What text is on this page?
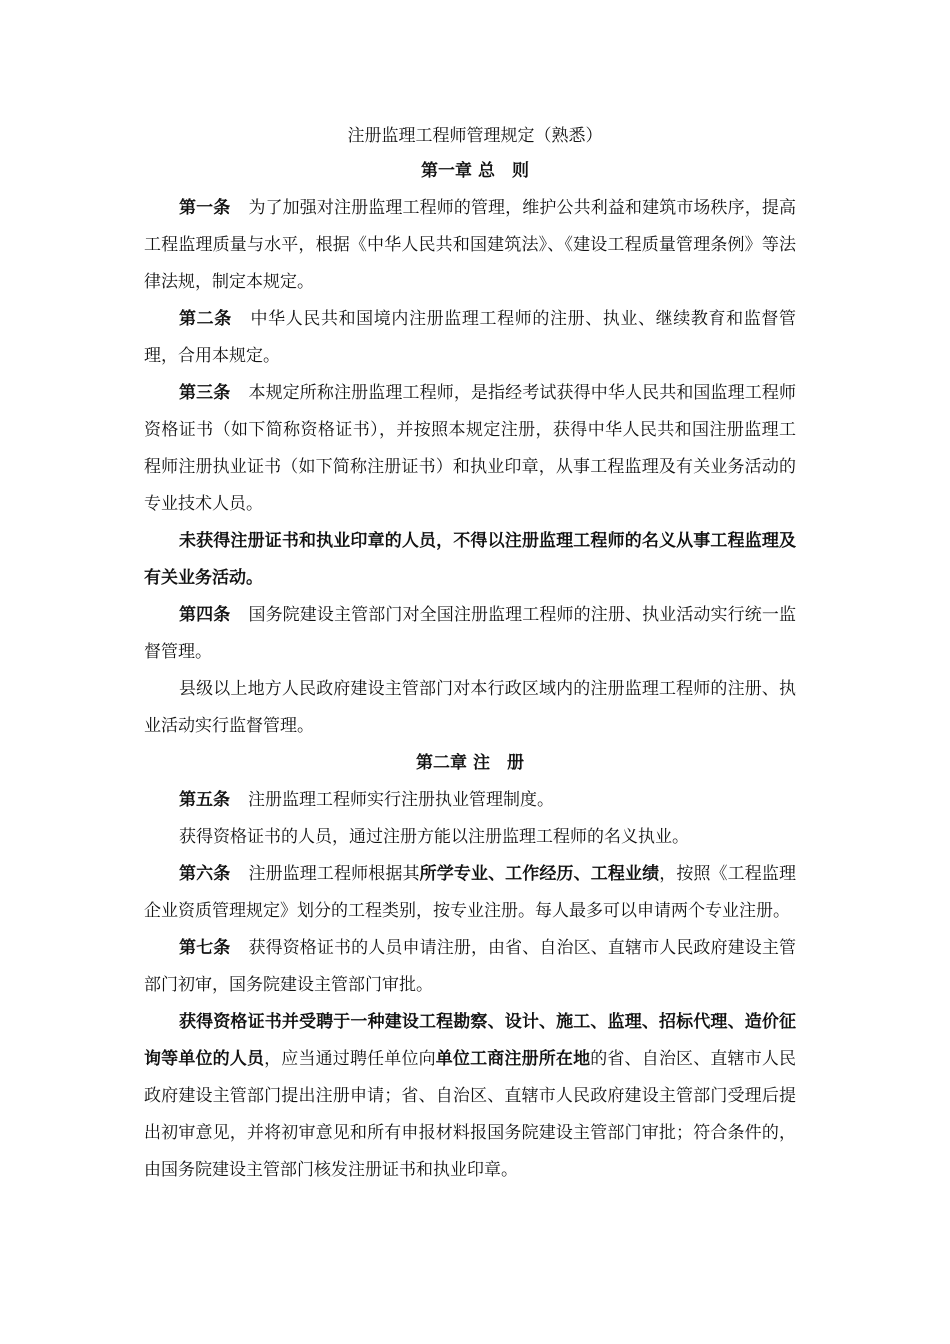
注册监理工程师管理规定（熟悉）
第一章 总　则

第一条 为了加强对注册监理工程师的管理，维护公共利益和建筑市场秩序，提高工程监理质量与水平，根据《中华人民共和国建筑法》、《建设工程质量管理条例》等法律法规，制定本规定。

第二条 中华人民共和国境内注册监理工程师的注册、执业、继续教育和监督管理，合用本规定。

第三条 本规定所称注册监理工程师，是指经考试获得中华人民共和国监理工程师资格证书（如下简称资格证书），并按照本规定注册，获得中华人民共和国注册监理工程师注册执业证书（如下简称注册证书）和执业印章，从事工程监理及有关业务活动的专业技术人员。

未获得注册证书和执业印章的人员，不得以注册监理工程师的名义从事工程监理及有关业务活动。

第四条 国务院建设主管部门对全国注册监理工程师的注册、执业活动实行统一监督管理。

县级以上地方人民政府建设主管部门对本行政区域内的注册监理工程师的注册、执业活动实行监督管理。

第二章 注　册

第五条 注册监理工程师实行注册执业管理制度。

获得资格证书的人员，通过注册方能以注册监理工程师的名义执业。

第六条 注册监理工程师根据其所学专业、工作经历、工程业绩，按照《工程监理企业资质管理规定》划分的工程类别，按专业注册。每人最多可以申请两个专业注册。

第七条 获得资格证书的人员申请注册，由省、自治区、直辖市人民政府建设主管部门初审，国务院建设主管部门审批。

获得资格证书并受聘于一种建设工程勘察、设计、施工、监理、招标代理、造价征询等单位的人员，应当通过聘任单位向单位工商注册所在地的省、自治区、直辖市人民政府建设主管部门提出注册申请；省、自治区、直辖市人民政府建设主管部门受理后提出初审意见，并将初审意见和所有申报材料报国务院建设主管部门审批；符合条件的，由国务院建设主管部门核发注册证书和执业印章。
